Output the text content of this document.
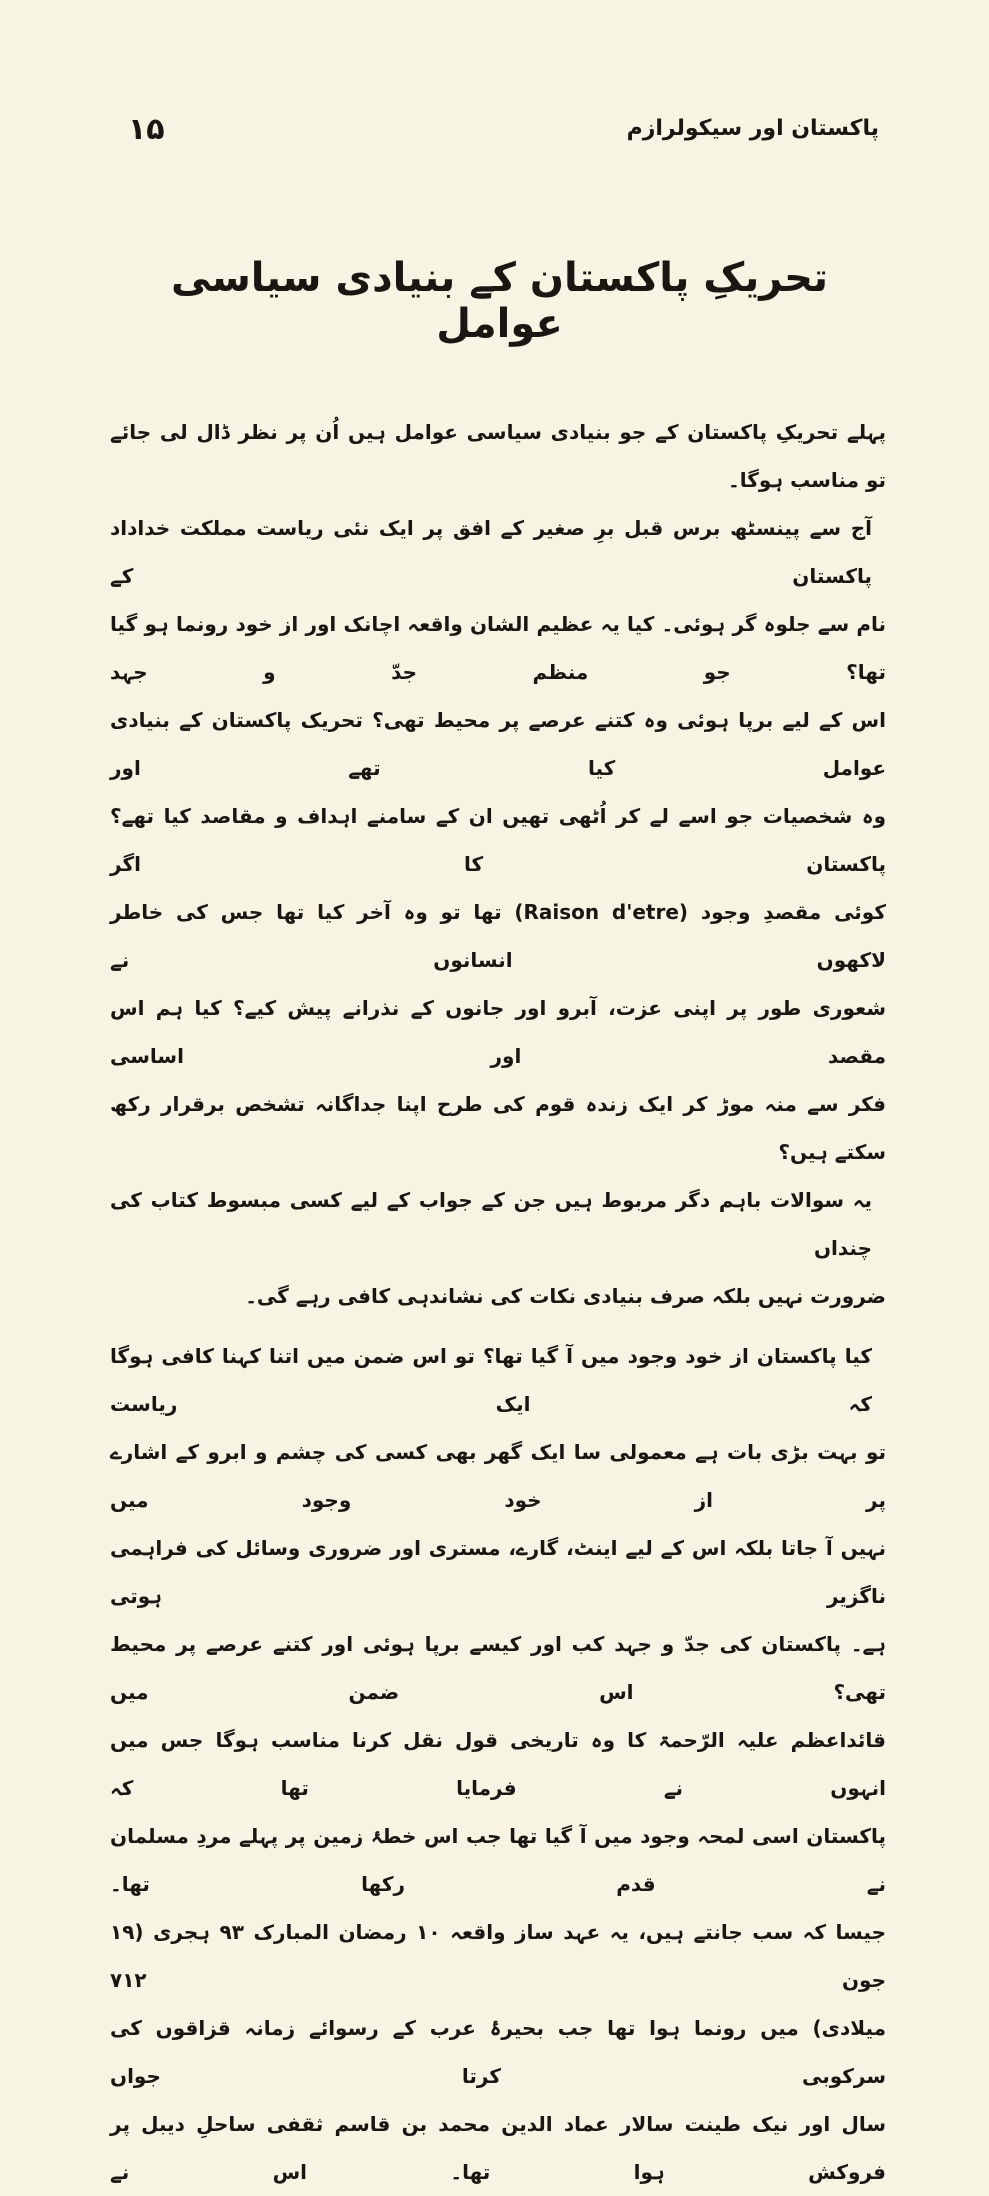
۱۵	پاکستان اور سیکولرازم
تحریکِ پاکستان کے بنیادی سیاسی عوامل
پہلے تحریکِ پاکستان کے جو بنیادی سیاسی عوامل ہیں اُن پر نظر ڈال لی جائے تو مناسب ہوگا۔
آج سے پینسٹھ برس قبل برِ صغیر کے افق پر ایک نئی ریاست مملکت خداداد پاکستان کے
نام سے جلوہ گر ہوئی۔ کیا یہ عظیم الشان واقعہ اچانک اور از خود رونما ہو گیا تھا؟ جو منظم جدّ و جہد
اس کے لیے برپا ہوئی وہ کتنے عرصے پر محیط تھی؟ تحریک پاکستان کے بنیادی عوامل کیا تھے اور
وہ شخصیات جو اسے لے کر اُٹھی تھیں ان کے سامنے اہداف و مقاصد کیا تھے؟ پاکستان کا اگر
کوئی مقصدِ وجود (Raison d'etre) تھا تو وہ آخر کیا تھا جس کی خاطر لاکھوں انسانوں نے
شعوری طور پر اپنی عزت، آبرو اور جانوں کے نذرانے پیش کیے؟ کیا ہم اس مقصد اور اساسی
فکر سے منہ موڑ کر ایک زندہ قوم کی طرح اپنا جداگانہ تشخص برقرار رکھ سکتے ہیں؟
یہ سوالات باہم دگر مربوط ہیں جن کے جواب کے لیے کسی مبسوط کتاب کی چنداں
ضرورت نہیں بلکہ صرف بنیادی نکات کی نشاندہی کافی رہے گی۔
کیا پاکستان از خود وجود میں آ گیا تھا؟ تو اس ضمن میں اتنا کہنا کافی ہوگا کہ ایک ریاست
تو بہت بڑی بات ہے معمولی سا ایک گھر بھی کسی کی چشم و ابرو کے اشارے پر از خود وجود میں
نہیں آ جاتا بلکہ اس کے لیے اینٹ، گارے، مستری اور ضروری وسائل کی فراہمی ناگزیر ہوتی
ہے۔ پاکستان کی جدّ و جہد کب اور کیسے برپا ہوئی اور کتنے عرصے پر محیط تھی؟ اس ضمن میں
قائداعظم علیہ الرّحمۃ کا وہ تاریخی قول نقل کرنا مناسب ہوگا جس میں انہوں نے فرمایا تھا کہ
پاکستان اسی لمحہ وجود میں آ گیا تھا جب اس خطۂ زمین پر پہلے مردِ مسلمان نے قدم رکھا تھا۔
جیسا کہ سب جانتے ہیں، یہ عہد ساز واقعہ ۱۰ رمضان المبارک ۹۳ ہجری (۱۹ جون ۷۱۲
میلادی) میں رونما ہوا تھا جب بحیرۂ عرب کے رسوائے زمانہ قزاقوں کی سرکوبی کرتا جواں
سال اور نیک طینت سالار عماد الدین محمد بن قاسم ثقفی ساحلِ دیبل پر فروکش ہوا تھا۔ اس نے
